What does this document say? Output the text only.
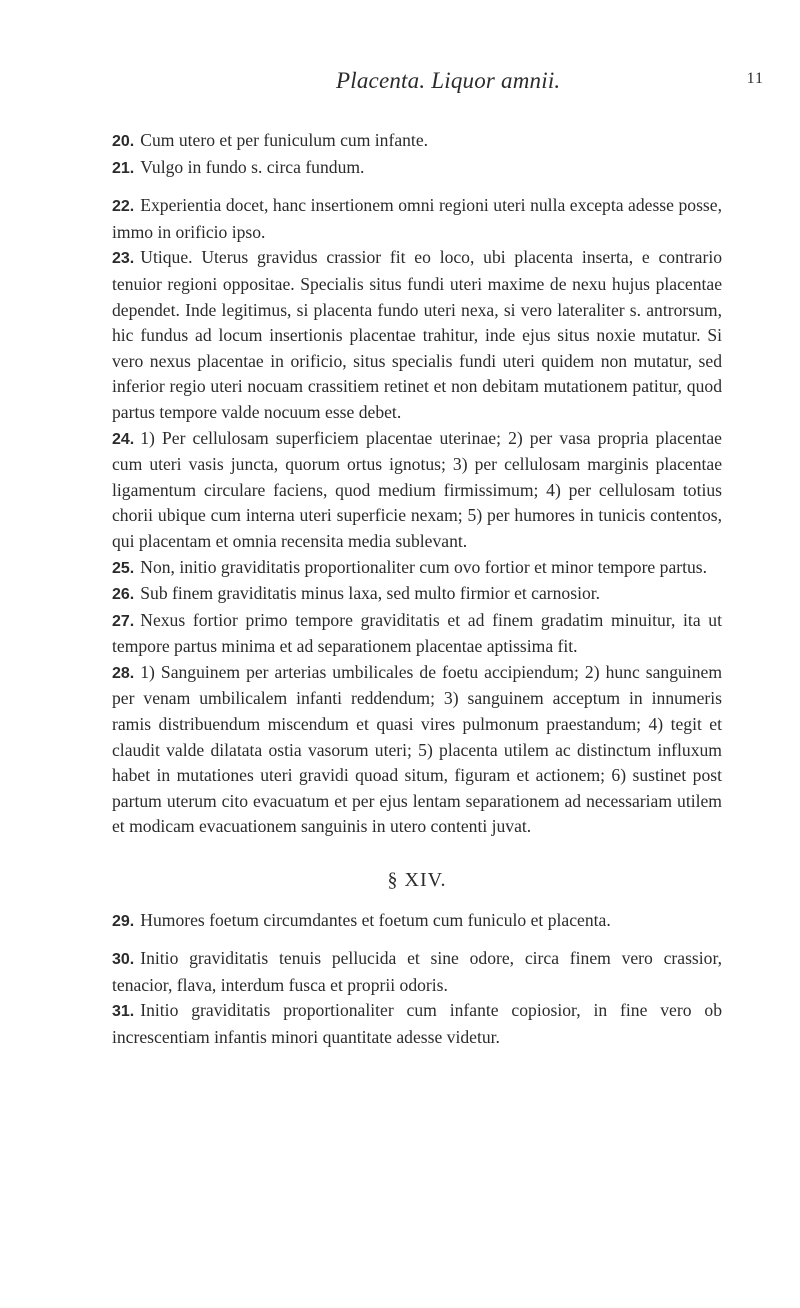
Placenta. Liquor amnii.	11

20. Cum utero et per funiculum cum infante.

21. Vulgo in fundo s. circa fundum.

22. Experientia docet, hanc insertionem omni regioni uteri nulla excepta adesse posse, immo in orificio ipso.

23. Utique. Uterus gravidus crassior fit eo loco, ubi placenta inserta, e contrario tenuior regioni oppositae. Specialis situs fundi uteri maxime de nexu hujus placentae dependet. Inde legitimus, si placenta fundo uteri nexa, si vero lateraliter s. antrorsum, hic fundus ad locum insertionis placentae trahitur, inde ejus situs noxie mutatur. Si vero nexus placentae in orificio, situs specialis fundi uteri quidem non mutatur, sed inferior regio uteri nocuam crassitiem retinet et non debitam mutationem patitur, quod partus tempore valde nocuum esse debet.

24. 1) Per cellulosam superficiem placentae uterinae; 2) per vasa propria placentae cum uteri vasis juncta, quorum ortus ignotus; 3) per cellulosam marginis placentae ligamentum circulare faciens, quod medium firmissimum; 4) per cellulosam totius chorii ubique cum interna uteri superficie nexam; 5) per humores in tunicis contentos, qui placentam et omnia recensita media sublevant.

25. Non, initio graviditatis proportionaliter cum ovo fortior et minor tempore partus.

26. Sub finem graviditatis minus laxa, sed multo firmior et carnosior.

27. Nexus fortior primo tempore graviditatis et ad finem gradatim minuitur, ita ut tempore partus minima et ad separationem placentae aptissima fit.

28. 1) Sanguinem per arterias umbilicales de foetu accipiendum; 2) hunc sanguinem per venam umbilicalem infanti reddendum; 3) sanguinem acceptum in innumeris ramis distribuendum miscendum et quasi vires pulmonum praestandum; 4) tegit et claudit valde dilatata ostia vasorum uteri; 5) placenta utilem ac distinctum influxum habet in mutationes uteri gravidi quoad situm, figuram et actionem; 6) sustinet post partum uterum cito evacuatum et per ejus lentam separationem ad necessariam utilem et modicam evacuationem sanguinis in utero contenti juvat.

§ XIV.

29. Humores foetum circumdantes et foetum cum funiculo et placenta.

30. Initio graviditatis tenuis pellucida et sine odore, circa finem vero crassior, tenacior, flava, interdum fusca et proprii odoris.

31. Initio graviditatis proportionaliter cum infante copiosior, in fine vero ob increscentiam infantis minori quantitate adesse videtur.
